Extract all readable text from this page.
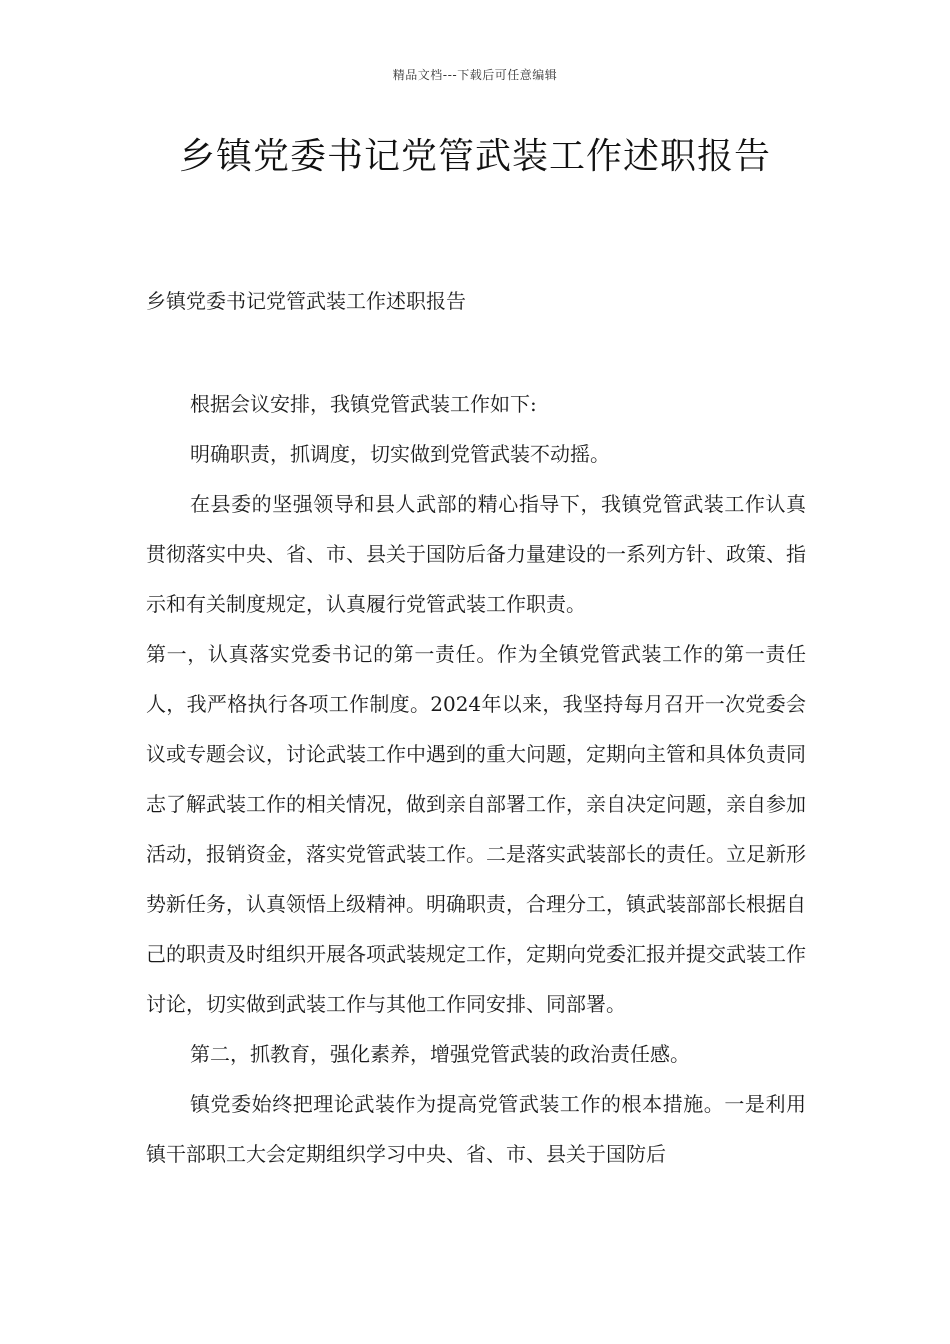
精品文档---下载后可任意编辑
乡镇党委书记党管武装工作述职报告

乡镇党委书记党管武装工作述职报告

根据会议安排，我镇党管武装工作如下:

明确职责，抓调度，切实做到党管武装不动摇。

在县委的坚强领导和县人武部的精心指导下，我镇党管武装工作认真贯彻落实中央、省、市、县关于国防后备力量建设的一系列方针、政策、指示和有关制度规定，认真履行党管武装工作职责。

第一，认真落实党委书记的第一责任。作为全镇党管武装工作的第一责任人，我严格执行各项工作制度。2024年以来，我坚持每月召开一次党委会议或专题会议，讨论武装工作中遇到的重大问题，定期向主管和具体负责同志了解武装工作的相关情况，做到亲自部署工作，亲自决定问题，亲自参加活动，报销资金，落实党管武装工作。二是落实武装部长的责任。立足新形势新任务，认真领悟上级精神。明确职责，合理分工，镇武装部部长根据自己的职责及时组织开展各项武装规定工作，定期向党委汇报并提交武装工作讨论，切实做到武装工作与其他工作同安排、同部署。

第二，抓教育，强化素养，增强党管武装的政治责任感。

镇党委始终把理论武装作为提高党管武装工作的根本措施。一是利用镇干部职工大会定期组织学习中央、省、市、县关于国防后
